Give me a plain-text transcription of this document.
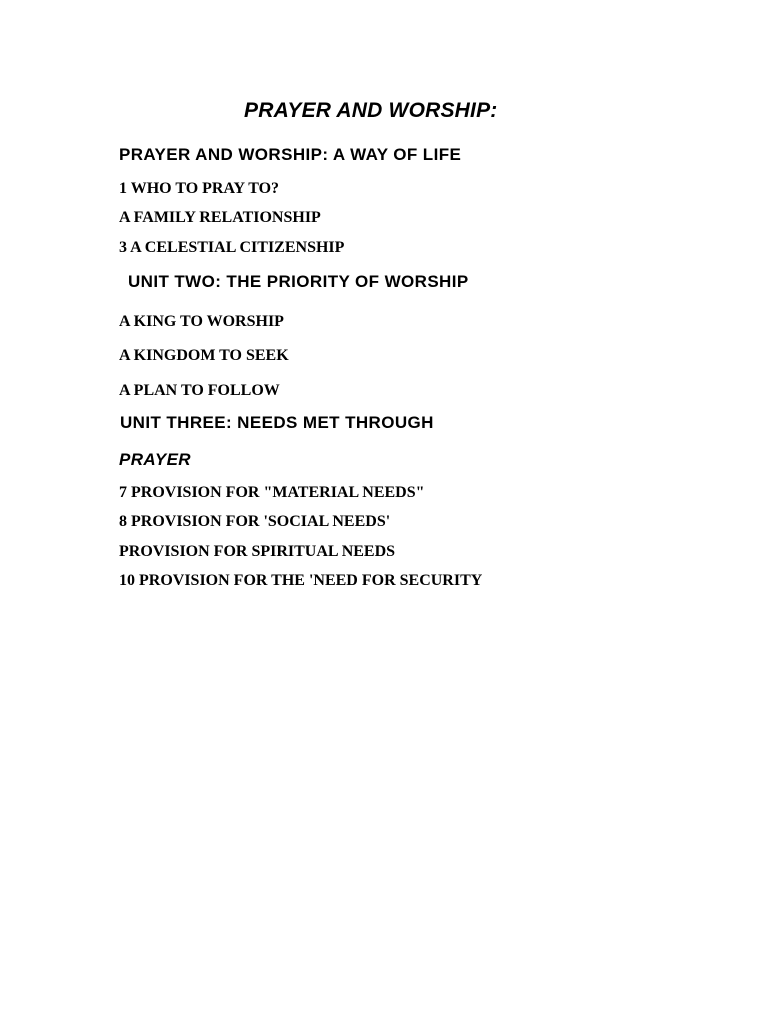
PRAYER AND WORSHIP:
PRAYER AND WORSHIP: A WAY OF LIFE
1 WHO TO PRAY TO?
A FAMILY RELATIONSHIP
3 A CELESTIAL CITIZENSHIP
UNIT TWO: THE PRIORITY OF WORSHIP
A KING TO WORSHIP
A KINGDOM TO SEEK
A PLAN TO FOLLOW
UNIT THREE: NEEDS MET THROUGH
PRAYER
7 PROVISION FOR "MATERIAL NEEDS"
8 PROVISION FOR 'SOCIAL NEEDS'
PROVISION FOR SPIRITUAL NEEDS
10 PROVISION FOR THE 'NEED FOR SECURITY
